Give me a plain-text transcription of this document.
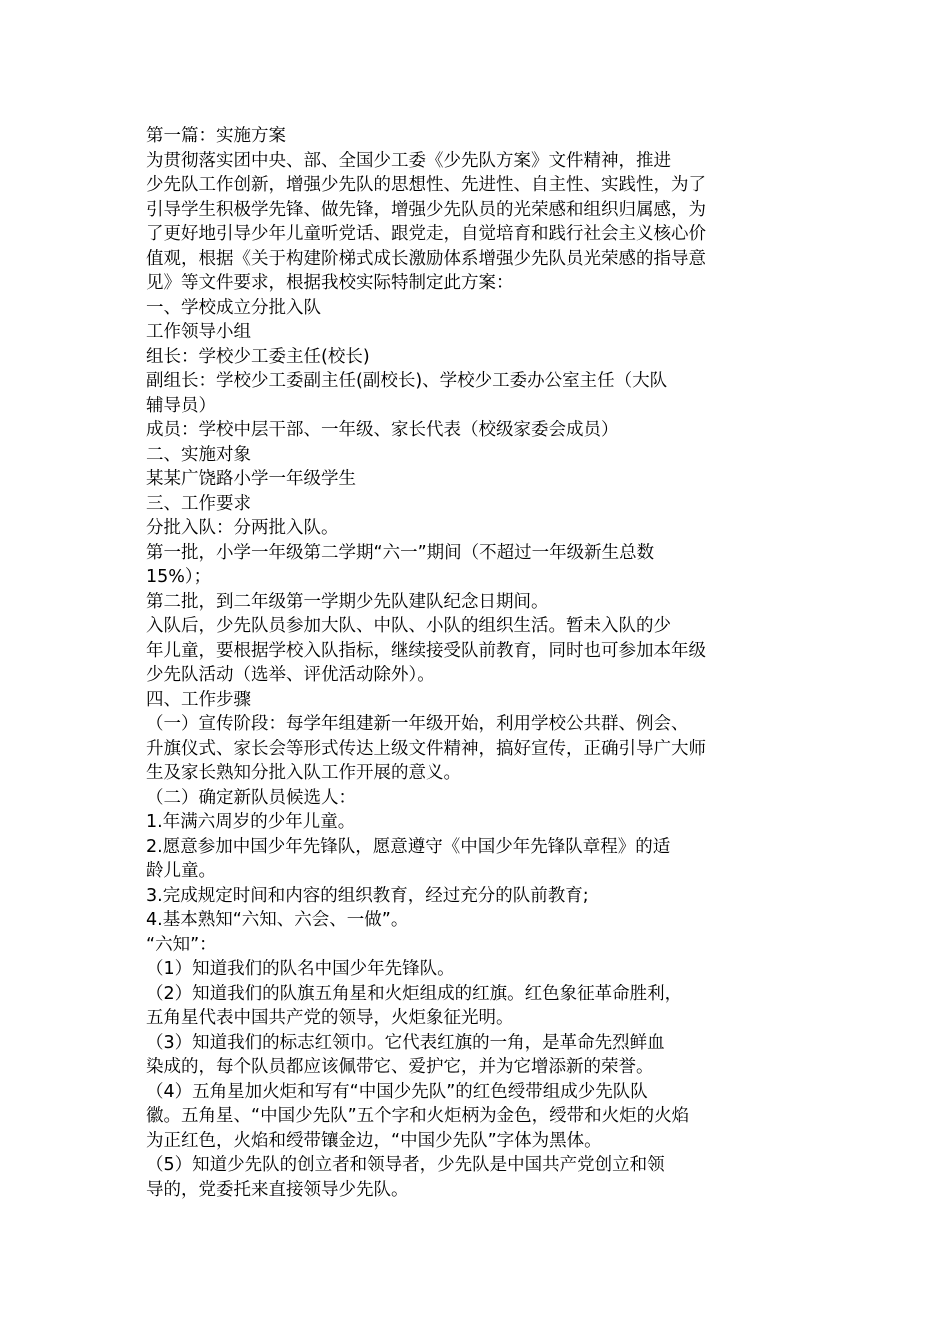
第一篇：实施方案
为贯彻落实团中央、部、全国少工委《少先队方案》文件精神，推进
少先队工作创新，增强少先队的思想性、先进性、自主性、实践性，为了
引导学生积极学先锋、做先锋，增强少先队员的光荣感和组织归属感，为
了更好地引导少年儿童听党话、跟党走，自觉培育和践行社会主义核心价
值观，根据《关于构建阶梯式成长激励体系增强少先队员光荣感的指导意
见》等文件要求，根据我校实际特制定此方案：
一、学校成立分批入队
工作领导小组
组长：学校少工委主任(校长)
副组长：学校少工委副主任(副校长)、学校少工委办公室主任（大队
辅导员）
成员：学校中层干部、一年级、家长代表（校级家委会成员）
二、实施对象
某某广饶路小学一年级学生
三、工作要求
分批入队：分两批入队。
第一批，小学一年级第二学期“六一”期间（不超过一年级新生总数
15%）；
第二批，到二年级第一学期少先队建队纪念日期间。
入队后，少先队员参加大队、中队、小队的组织生活。暂未入队的少
年儿童，要根据学校入队指标，继续接受队前教育，同时也可参加本年级
少先队活动（选举、评优活动除外）。
四、工作步骤
（一）宣传阶段：每学年组建新一年级开始，利用学校公共群、例会、
升旗仪式、家长会等形式传达上级文件精神，搞好宣传，正确引导广大师
生及家长熟知分批入队工作开展的意义。
（二）确定新队员候选人：
1.年满六周岁的少年儿童。
2.愿意参加中国少年先锋队，愿意遵守《中国少年先锋队章程》的适
龄儿童。
3.完成规定时间和内容的组织教育，经过充分的队前教育;
4.基本熟知“六知、六会、一做”。
“六知”：
（1）知道我们的队名中国少年先锋队。
（2）知道我们的队旗五角星和火炬组成的红旗。红色象征革命胜利，
五角星代表中国共产党的领导，火炬象征光明。
（3）知道我们的标志红领巾。它代表红旗的一角，是革命先烈鲜血
染成的，每个队员都应该佩带它、爱护它，并为它增添新的荣誉。
（4）五角星加火炬和写有“中国少先队”的红色绶带组成少先队队
徽。五角星、“中国少先队”五个字和火炬柄为金色，绶带和火炬的火焰
为正红色，火焰和绶带镶金边，“中国少先队”字体为黑体。
（5）知道少先队的创立者和领导者，少先队是中国共产党创立和领
导的，党委托来直接领导少先队。
